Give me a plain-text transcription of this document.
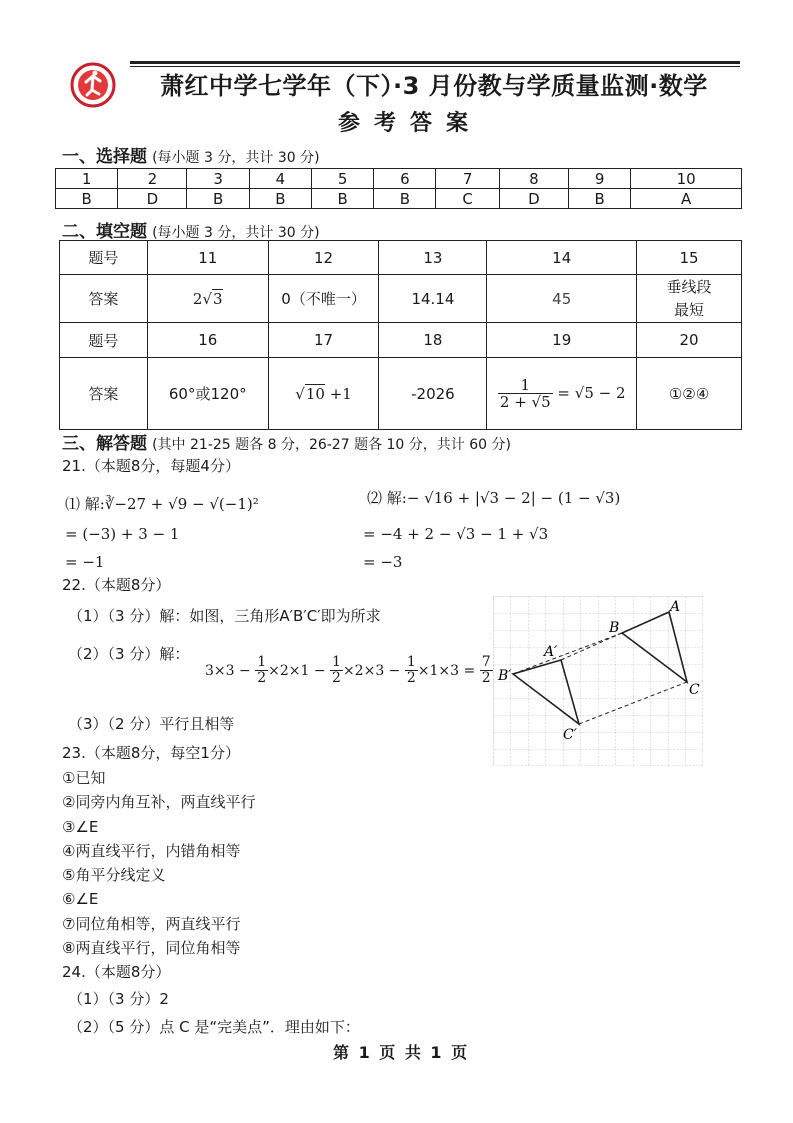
萧红中学七学年（下）·3 月份教与学质量监测·数学
参考答案
一、选择题 (每小题 3 分，共计 30 分)
1	2	3	4	5	6	7	8	9	10
B	D	B	B	B	B	C	D	B	A
二、填空题 (每小题 3 分，共计 30 分)
题号	11	12	13	14	15
答案	2√3	0（不唯一）	14.14	45	垂线段最短
题号	16	17	18	19	20
答案	60°或120°	√10 +1	-2026	$\frac{1}{2 + √5} = √5 - 2$	①②④
三、解答题 (其中 21-25 题各 8 分，26-27 题各 10 分，共计 60 分)
21.（本题8分，每题4分）
⑴ 解:∛−27 + √9 − √(−1)²
= (−3) + 3 − 1
= −1
⑵ 解:− √16 + |√3 − 2| − (1 − √3)
= −4 + 2 − √3 − 1 + √3
= −3
22.（本题8分）
（1）（3 分）解：如图，三角形A′B′C′即为所求
（2）（3 分）解：
$3\times 3 - \frac{1}{2} \times 2\times 1 - \frac{1}{2} \times 2\times 3 - \frac{1}{2} \times 1\times 3 = \frac{7}{2}$
（3）（2 分）平行且相等
A
B
C
A′
B′
C′
23.（本题8分，每空1分）
①已知
②同旁内角互补，两直线平行
③∠E
④两直线平行，内错角相等
⑤角平分线定义
⑥∠E
⑦同位角相等，两直线平行
⑧两直线平行，同位角相等
24.（本题8分）
（1）（3 分）2
（2）（5 分）点 C 是“完美点”．理由如下：
第 1 页 共 1 页
